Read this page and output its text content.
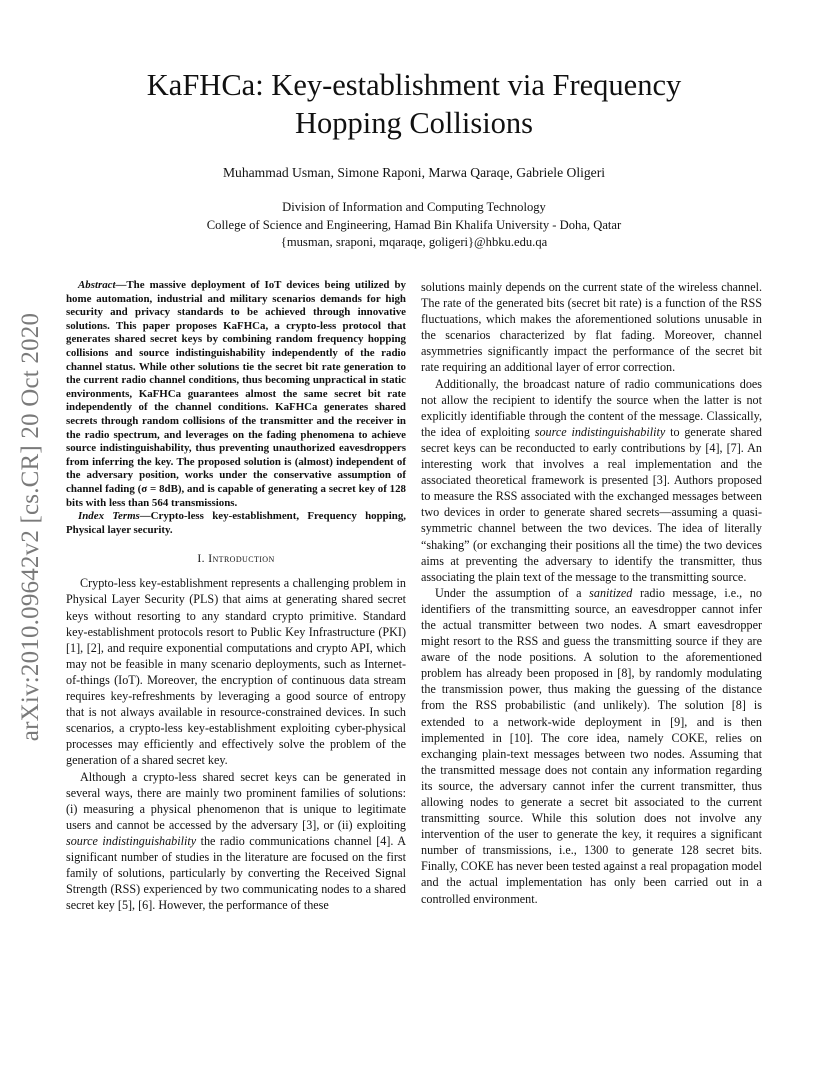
arXiv:2010.09642v2 [cs.CR] 20 Oct 2020
KaFHCa: Key-establishment via Frequency
Hopping Collisions
Muhammad Usman, Simone Raponi, Marwa Qaraqe, Gabriele Oligeri
Division of Information and Computing Technology
College of Science and Engineering, Hamad Bin Khalifa University - Doha, Qatar
{musman, sraponi, mqaraqe, goligeri}@hbku.edu.qa

Abstract—The massive deployment of IoT devices being utilized by home automation, industrial and military scenarios demands for high security and privacy standards to be achieved through innovative solutions. This paper proposes KaFHCa, a crypto-less protocol that generates shared secret keys by combining random frequency hopping collisions and source indistinguishability independently of the radio channel status. While other solutions tie the secret bit rate generation to the current radio channel conditions, thus becoming unpractical in static environments, KaFHCa guarantees almost the same secret bit rate independently of the channel conditions. KaFHCa generates shared secrets through random collisions of the transmitter and the receiver in the radio spectrum, and leverages on the fading phenomena to achieve source indistinguishability, thus preventing unauthorized eavesdroppers from inferring the key. The proposed solution is (almost) independent of the adversary position, works under the conservative assumption of channel fading (σ = 8dB), and is capable of generating a secret key of 128 bits with less than 564 transmissions.

Index Terms—Crypto-less key-establishment, Frequency hopping, Physical layer security.

I. Introduction

Crypto-less key-establishment represents a challenging problem in Physical Layer Security (PLS) that aims at generating shared secret keys without resorting to any standard crypto primitive. Standard key-establishment protocols resort to Public Key Infrastructure (PKI) [1], [2], and require exponential computations and crypto API, which may not be feasible in many scenario deployments, such as Internet-of-things (IoT). Moreover, the encryption of continuous data stream requires key-refreshments by leveraging a good source of entropy that is not always available in resource-constrained devices. In such scenarios, a crypto-less key-establishment exploiting cyber-physical processes may efficiently and effectively solve the problem of the generation of a shared secret key.

Although a crypto-less shared secret keys can be generated in several ways, there are mainly two prominent families of solutions: (i) measuring a physical phenomenon that is unique to legitimate users and cannot be accessed by the adversary [3], or (ii) exploiting source indistinguishability the radio communications channel [4]. A significant number of studies in the literature are focused on the first family of solutions, particularly by converting the Received Signal Strength (RSS) experienced by two communicating nodes to a shared secret key [5], [6]. However, the performance of these

solutions mainly depends on the current state of the wireless channel. The rate of the generated bits (secret bit rate) is a function of the RSS fluctuations, which makes the aforementioned solutions unusable in the scenarios characterized by flat fading. Moreover, channel asymmetries significantly impact the performance of the secret bit rate requiring an additional layer of error correction.

Additionally, the broadcast nature of radio communications does not allow the recipient to identify the source when the latter is not explicitly identifiable through the content of the message. Classically, the idea of exploiting source indistinguishability to generate shared secret keys can be reconducted to early contributions by [4], [7]. An interesting work that involves a real implementation and the associated theoretical framework is presented [3]. Authors proposed to measure the RSS associated with the exchanged messages between two devices in order to generate shared secrets—assuming a quasi-symmetric channel between the two devices. The idea of literally “shaking” (or exchanging their positions all the time) the two devices aims at preventing the adversary to identify the transmitter, thus associating the plain text of the message to the transmitting source.

Under the assumption of a sanitized radio message, i.e., no identifiers of the transmitting source, an eavesdropper cannot infer the actual transmitter between two nodes. A smart eavesdropper might resort to the RSS and guess the transmitting source if they are aware of the node positions. A solution to the aforementioned problem has already been proposed in [8], by randomly modulating the transmission power, thus making the guessing of the distance from the RSS probabilistic (and unlikely). The solution [8] is extended to a network-wide deployment in [9], and is then implemented in [10]. The core idea, namely COKE, relies on exchanging plain-text messages between two nodes. Assuming that the transmitted message does not contain any information regarding its source, the adversary cannot infer the current transmitter, thus allowing nodes to generate a secret bit associated to the current transmitting source. While this solution does not involve any intervention of the user to generate the key, it requires a significant number of transmissions, i.e., 1300 to generate 128 secret bits. Finally, COKE has never been tested against a real propagation model and the actual implementation has only been carried out in a controlled environment.
